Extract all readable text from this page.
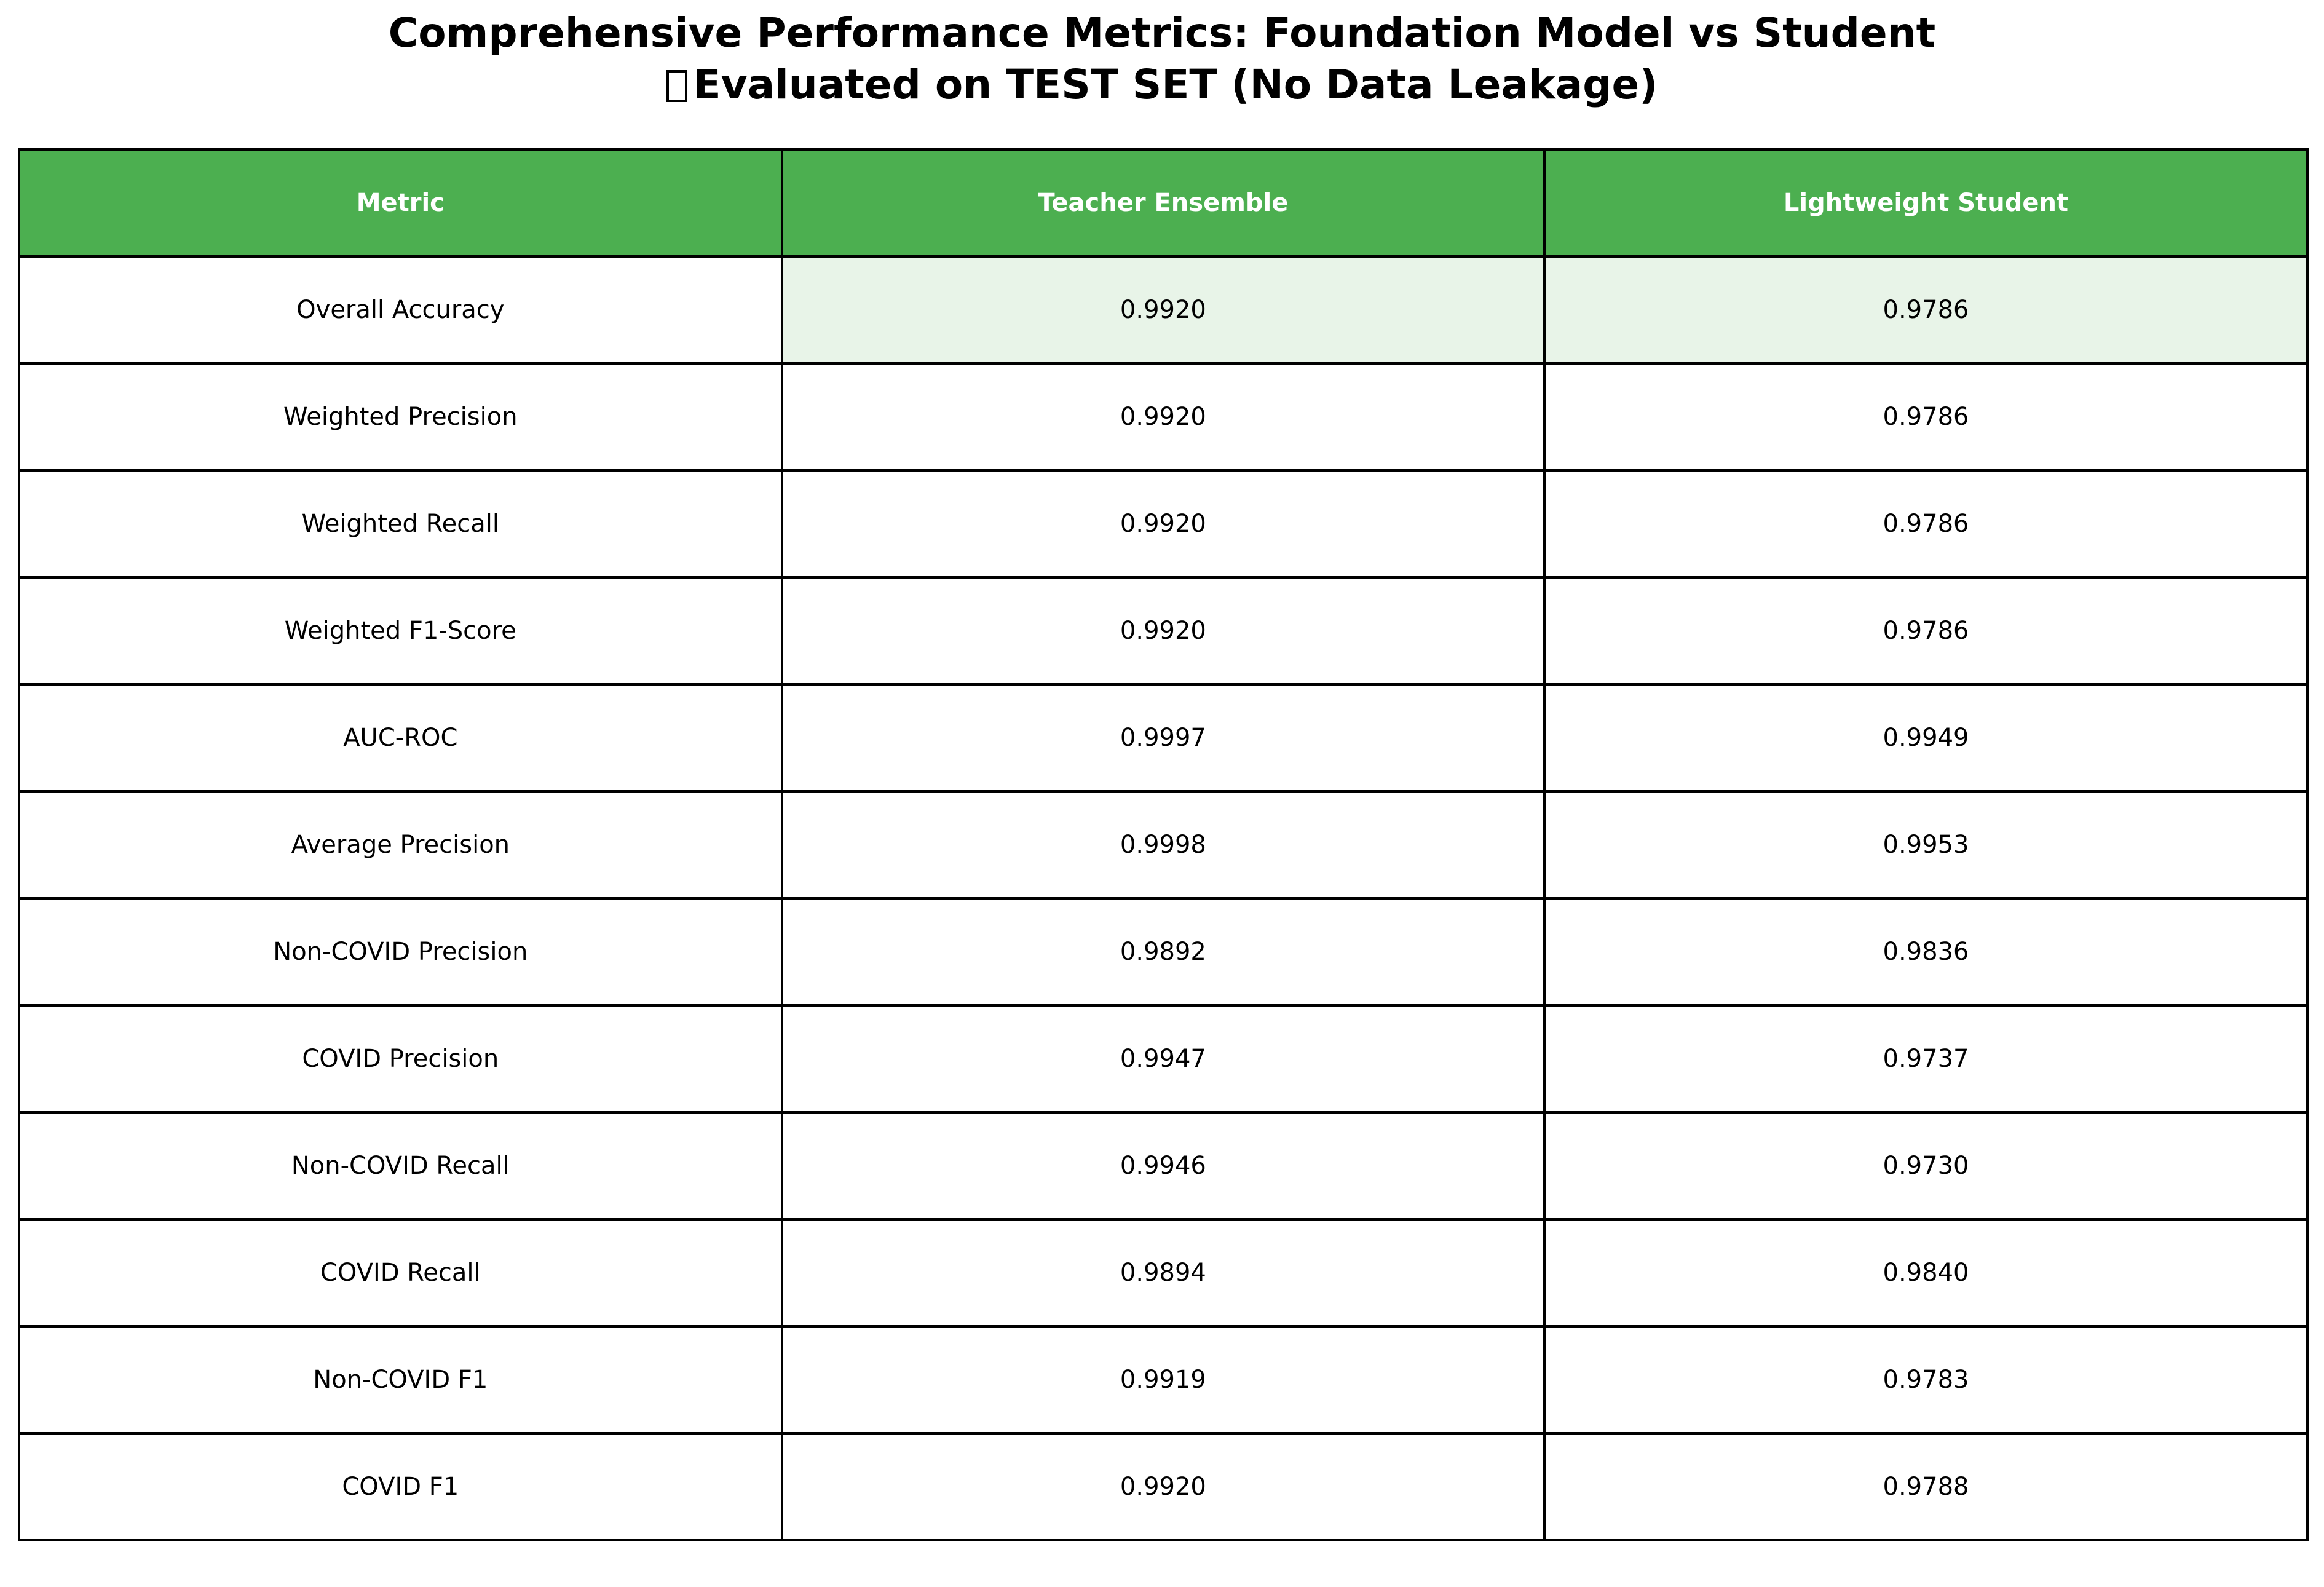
Comprehensive Performance Metrics: Foundation Model vs Student
Evaluated on TEST SET (No Data Leakage)
Metric	Teacher Ensemble	Lightweight Student
Overall Accuracy	0.9920	0.9786
Weighted Precision	0.9920	0.9786
Weighted Recall	0.9920	0.9786
Weighted F1-Score	0.9920	0.9786
AUC-ROC	0.9997	0.9949
Average Precision	0.9998	0.9953
Non-COVID Precision	0.9892	0.9836
COVID Precision	0.9947	0.9737
Non-COVID Recall	0.9946	0.9730
COVID Recall	0.9894	0.9840
Non-COVID F1	0.9919	0.9783
COVID F1	0.9920	0.9788
